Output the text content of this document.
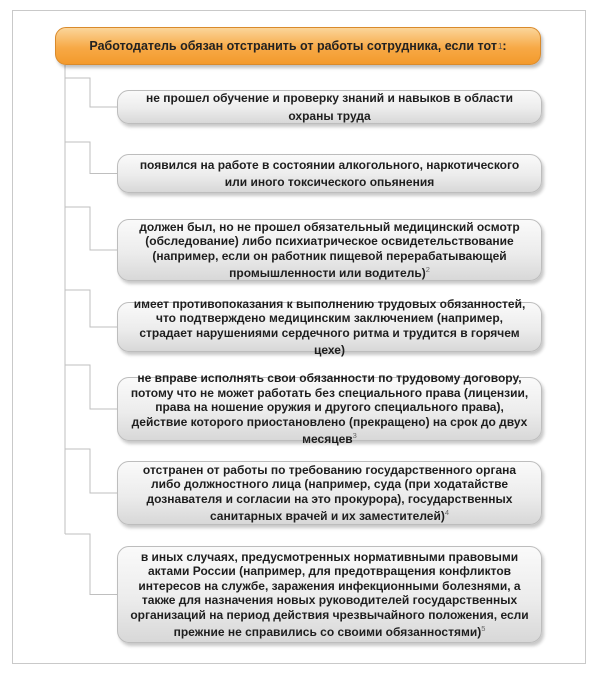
Работодатель обязан отстранить от работы сотрудника, если тот 1 :
не прошел обучение и проверку знаний и навыков в области охраны труда
появился на работе в состоянии алкогольного, наркотического или иного токсического опьянения
должен был, но не прошел обязательный медицинский осмотр (обследование) либо психиатрическое освидетельствование (например, если он работник пищевой перерабатывающей промышленности или водитель)$^2$
имеет противопоказания к выполнению трудовых обязанностей, что подтверждено медицинским заключением (например, страдает нарушениями сердечного ритма и трудится в горячем цехе)
не вправе исполнять свои обязанности по трудовому договору, потому что не может работать без специального права (лицензии, права на ношение оружия и другого специального права), действие которого приостановлено (прекращено) на срок до двух месяцев$^3$
отстранен от работы по требованию государственного органа либо должностного лица (например, суда (при ходатайстве дознавателя и согласии на это прокурора), государственных санитарных врачей и их заместителей)$^4$
в иных случаях, предусмотренных нормативными правовыми актами России (например, для предотвращения конфликтов интересов на службе, заражения инфекционными болезнями, а также для назначения новых руководителей государственных организаций на период действия чрезвычайного положения, если прежние не справились со своими обязанностями)$^5$
